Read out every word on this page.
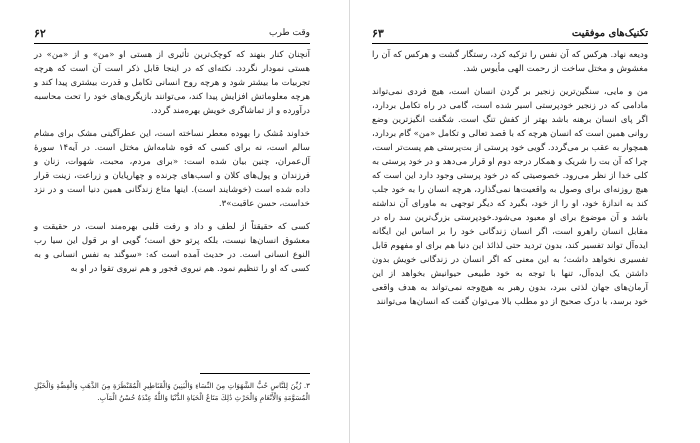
وقت طرب
۶۲

آنچنان کنار بنهند که کوچک‌ترین تأثیری از هستی او «من» و از «من» در هستی نمودار نگردد. نکته‌ای که در اینجا قابل ذکر است آن است که هرچه تجربیات ما بیشتر شود و هرچه روح انسانی تکامل و قدرت بیشتری پیدا کند و هرچه معلوماتش افزایش پیدا کند، می‌توانند بازیگری‌های خود را تحت محاسبه درآورده و از تماشاگری خویش بهره‌مند گردد.

خداوند مُشک را بهوده معطر نساخته است، این عطرآگینی مشک برای مشام سالم است، نه برای کسی که قوه شامه‌اش مختل است. در آیه۱۴ سورهٔ آل‌عمران، چنین بیان شده است: «برای مردم، محبت، شهوات، زنان و فرزندان و پول‌های کلان و اسب‌های چرنده و چهارپایان و زراعت، زینت قرار داده شده است (خوشایند است). اینها متاع زندگانی همین دنیا است و در نزد خداست، حسن عاقبت»٣.

کسی که حقیقتاً از لطف و داد و رفت قلبی بهره‌مند است، در حقیقت و معشوق انسان‌ها نیست، بلکه پرتو حق است؛ گویی او بر قول این سیا رب النوع انسانی است. در حدیث آمده است که: «سوگند به نفس انسانی و به کسی که او را تنظیم نمود. هم نیروی فجور و هم نیروی تقوا در او به

٣. زُيِّنَ لِلنَّاسِ حُبُّ الشَّهَوَاتِ مِنَ النِّسَاءِ وَالْبَنِينَ وَالْقَنَاطِيرِ الْمُقَنْطَرَةِ مِنَ الذَّهَبِ وَالْفِضَّةِ وَالْخَيْلِ الْمُسَوَّمَةِ وَالْأَنْعَامِ وَالْحَرْثِ ذَٰلِكَ مَتَاعُ الْحَيَاةِ الدُّنْيَا وَاللَّهُ عِنْدَهُ حُسْنُ الْمَآبِ.
تکنیک‌های موفقیت
۶۳

ودیعه نهاد. هرکس که آن نفس را تزکیه کرد، رستگار گشت و هرکس که آن را مغشوش و مختل ساخت از رحمت الهی مأیوس شد.

من و مایی، سنگین‌ترین زنجیر بر گردن انسان است، هیچ فردی نمی‌تواند مادامی که در زنجیر خودپرستی اسیر شده است، گامی در راه تکامل بردارد، اگر پای انسان برهنه باشد بهتر از کفش تنگ است. شگفت انگیزترین وضع روانی همین است که انسان هرچه که با قصد تعالی و تکامل «من» گام بردارد، همچوار به عقب بر می‌گردد. گویی خود پرستی از بت‌پرستی هم پست‌تر است، چرا که آن بت را شریک و همکار درجه دوم او قرار می‌دهد و در خود پرستی به کلی خدا از نظر می‌رود. خصوصیتی که در خود پرستی وجود دارد این است که هیچ روزنه‌ای برای وصول به واقعیت‌ها نمی‌گذارد، هرچه انسان را به خود جلب کند به اندازهٔ خود، او را از خود، بگیرد که دیگر توجهی به ماورای آن نداشته باشد و آن موضوع برای او معبود می‌شود.خودپرستی بزرگ‌ترین سد راه در مقابل انسان راهرو است، اگر انسان زندگانی خود را بر اساس این ایگانه ایده‌آل تواند تفسیر کند، بدون تردید حتی لذائذ این دنیا هم برای او مفهوم قابل تفسیری نخواهد داشت؛ به این معنی که اگر انسان در زندگانی خویش بدون داشتن یک ایده‌آل، تنها با توجه به خود طبیعی حیوانیش بخواهد از این آرمان‌های جهان لذتی ببرد، بدون رهبر به هیچ‌وجه نمی‌تواند به هدف واقعی خود برسد، با درک صحیح از دو مطلب بالا می‌توان گفت که انسان‌ها می‌توانند
